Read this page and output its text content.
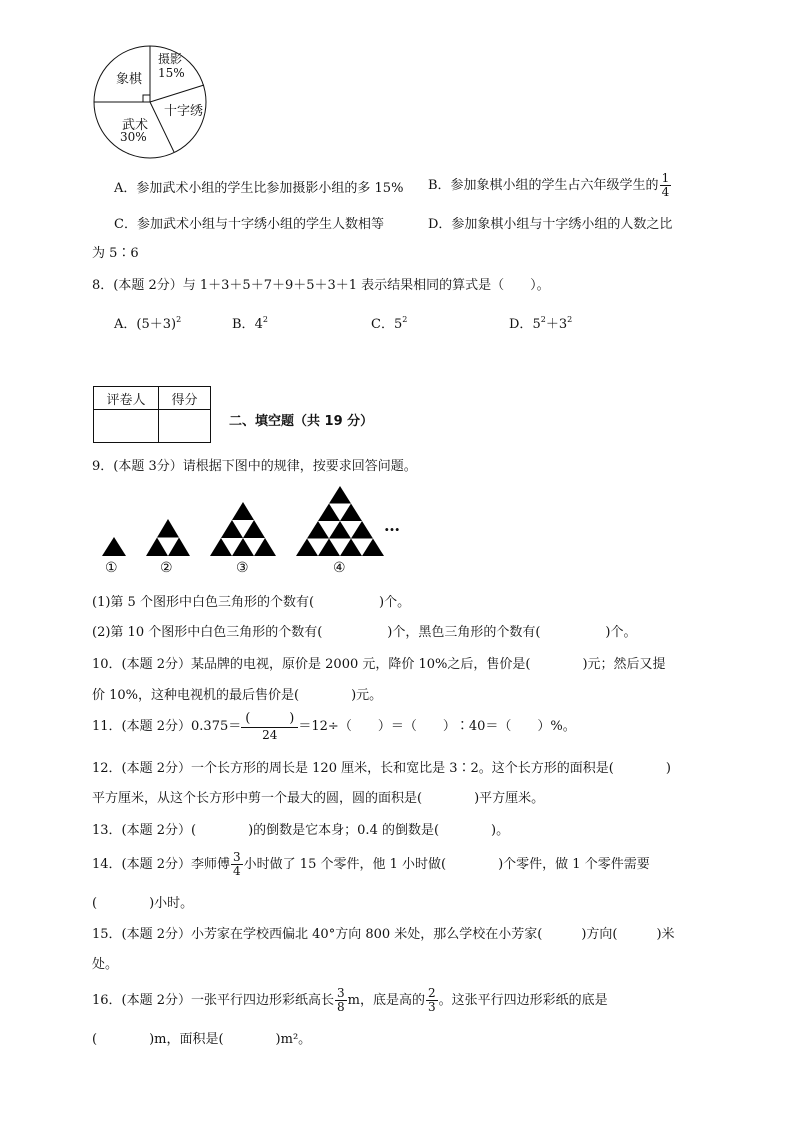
象棋
摄影
15%
十字绣
武术
30%
A．参加武术小组的学生比参加摄影小组的多 15% B．参加象棋小组的学生占六年级学生的 $\frac{1}{4}$
C．参加武术小组与十字绣小组的学生人数相等	D．参加象棋小组与十字绣小组的人数之比
为 5∶6
8．(本题 2分）与 1＋3＋5＋7＋9＋5＋3＋1 表示结果相同的算式是（　　）。
A．$(5+3)^2$	B．$4^2$	C．$5^2$	D．$5^2+3^2$
评卷人	得分

二、填空题（共 19 分）
9．(本题 3分）请根据下图中的规律，按要求回答问题。
①	②	③	④
…
(1)第 5 个图形中白色三角形的个数有(　　　　　)个。
(2)第 10 个图形中白色三角形的个数有(　　　　　)个，黑色三角形的个数有(　　　　　)个。
10．(本题 2分）某品牌的电视，原价是 2000 元，降价 10%之后，售价是(　　　　)元；然后又提
价 10%，这种电视机的最后售价是(　　　　)元。
11．(本题 2分）$0.375= \frac{( )}{24} =12\div$（　　）＝（　　）∶40＝（　　）%。
12．(本题 2分）一个长方形的周长是 120 厘米，长和宽比是 3∶2。这个长方形的面积是(　　　　)
平方厘米，从这个长方形中剪一个最大的圆，圆的面积是(　　　　)平方厘米。
13．(本题 2分）(　　　　)的倒数是它本身；0.4 的倒数是(　　　　)。
14．(本题 2分）李师傅 $\frac{3}{4}$ 小时做了 15 个零件，他 1 小时做(　　　　)个零件，做 1 个零件需要
(　　　　)小时。
15．(本题 2分）小芳家在学校西偏北 40°方向 800 米处，那么学校在小芳家(　　　)方向(　　　)米
处。
16．(本题 2分）一张平行四边形彩纸高长 $\frac{3}{8}$ m，底是高的 $\frac{2}{3}$ 。这张平行四边形彩纸的底是
(　　　　)m，面积是(　　　　)m²。
